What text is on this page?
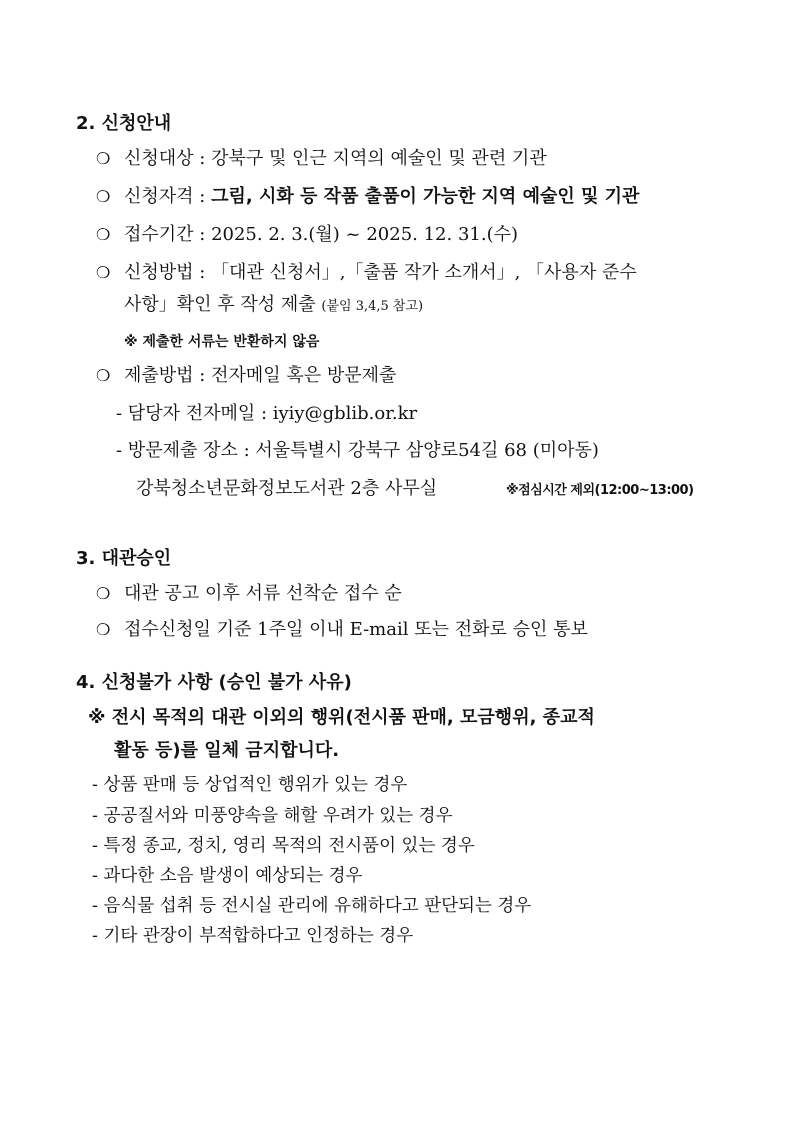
2. 신청안내
❍ 신청대상 : 강북구 및 인근 지역의 예술인 및 관련 기관
❍ 신청자격 : 그림, 시화 등 작품 출품이 가능한 지역 예술인 및 기관
❍ 접수기간 : 2025. 2. 3.(월) ~ 2025. 12. 31.(수)
❍ 신청방법 : 「대관 신청서」,「출품 작가 소개서」, 「사용자 준수
사항」확인 후 작성 제출 (붙임 3,4,5 참고)
※ 제출한 서류는 반환하지 않음
❍ 제출방법 : 전자메일 혹은 방문제출
- 담당자 전자메일 : iyiy@gblib.or.kr
- 방문제출 장소 : 서울특별시 강북구 삼양로54길 68 (미아동)
강북청소년문화정보도서관 2층 사무실	※점심시간 제외(12:00~13:00)
3. 대관승인
❍ 대관 공고 이후 서류 선착순 접수 순
❍ 접수신청일 기준 1주일 이내 E-mail 또는 전화로 승인 통보
4. 신청불가 사항 (승인 불가 사유)
※ 전시 목적의 대관 이외의 행위(전시품 판매, 모금행위, 종교적
활동 등)를 일체 금지합니다.
- 상품 판매 등 상업적인 행위가 있는 경우
- 공공질서와 미풍양속을 해할 우려가 있는 경우
- 특정 종교, 정치, 영리 목적의 전시품이 있는 경우
- 과다한 소음 발생이 예상되는 경우
- 음식물 섭취 등 전시실 관리에 유해하다고 판단되는 경우
- 기타 관장이 부적합하다고 인정하는 경우
